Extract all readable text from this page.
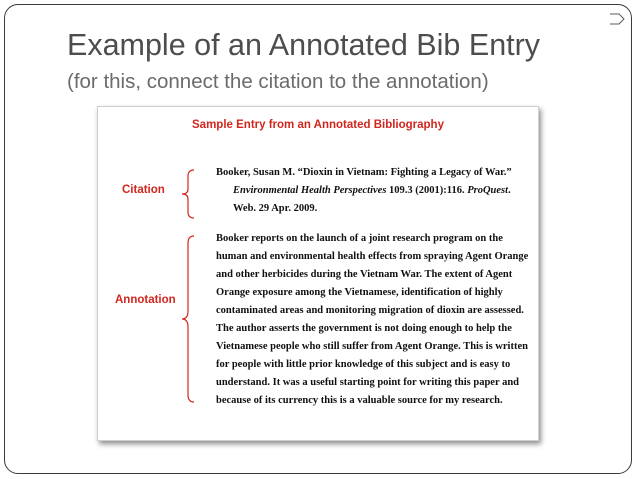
Example of an Annotated Bib Entry
(for this, connect the citation to the annotation)
Sample Entry from an Annotated Bibliography
Citation
Annotation
Booker, Susan M. “Dioxin in Vietnam: Fighting a Legacy of War.”
Environmental Health Perspectives 109.3 (2001):116. ProQuest.
Web. 29 Apr. 2009.
Booker reports on the launch of a joint research program on the
human and environmental health effects from spraying Agent Orange
and other herbicides during the Vietnam War. The extent of Agent
Orange exposure among the Vietnamese, identification of highly
contaminated areas and monitoring migration of dioxin are assessed.
The author asserts the government is not doing enough to help the
Vietnamese people who still suffer from Agent Orange. This is written
for people with little prior knowledge of this subject and is easy to
understand. It was a useful starting point for writing this paper and
because of its currency this is a valuable source for my research.
